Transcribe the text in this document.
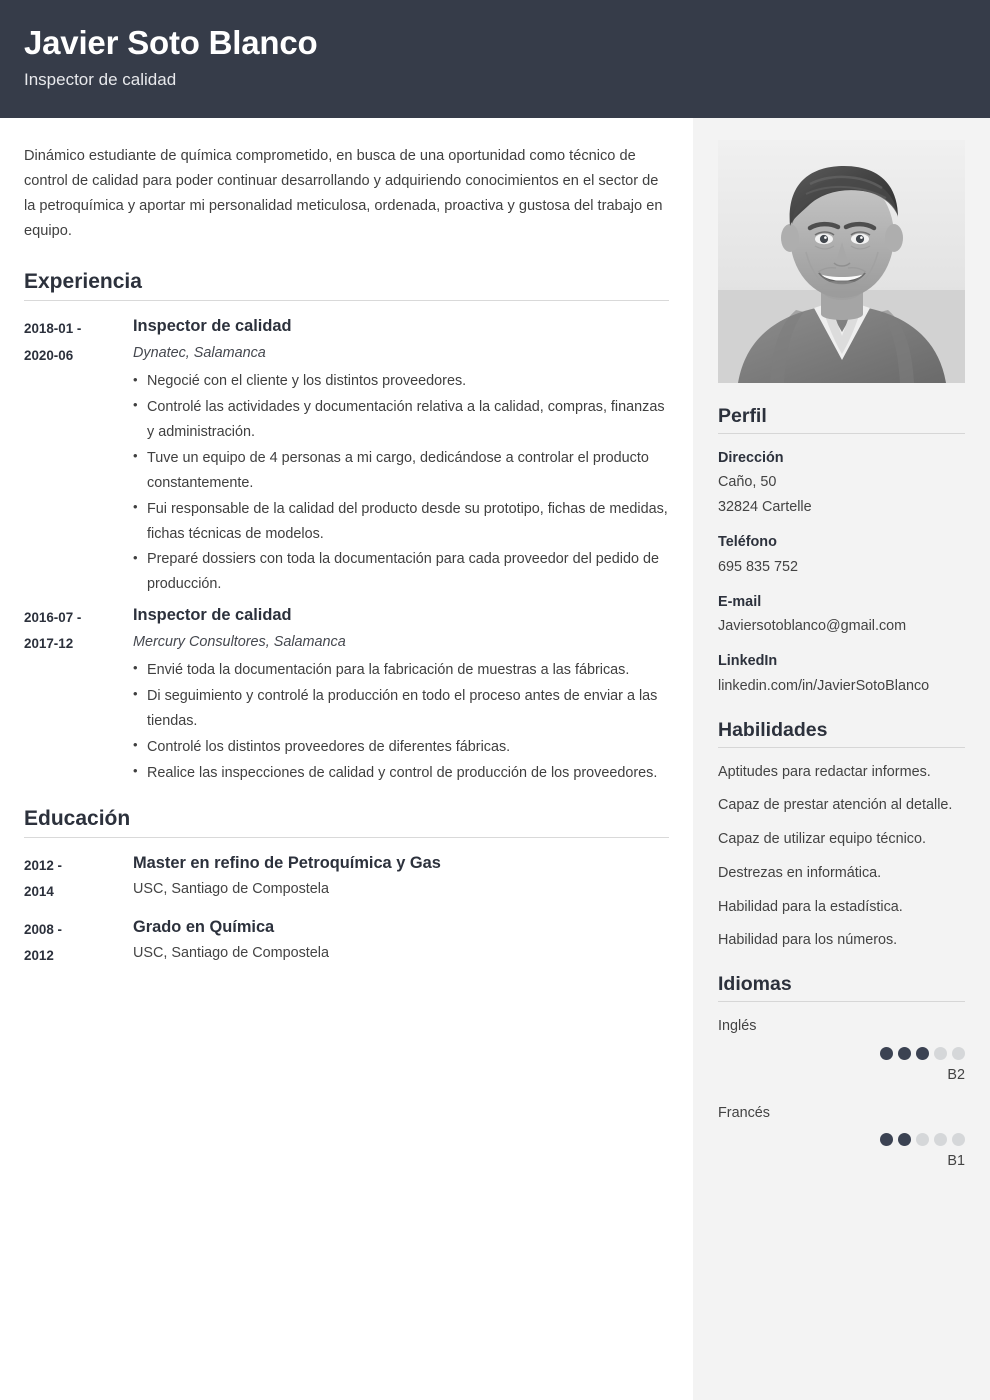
Javier Soto Blanco
Inspector de calidad
Dinámico estudiante de química comprometido, en busca de una oportunidad como técnico de control de calidad para poder continuar desarrollando y adquiriendo conocimientos en el sector de la petroquímica y aportar mi personalidad meticulosa, ordenada, proactiva y gustosa del trabajo en equipo.
Experiencia
2018-01 -
2020-06
Inspector de calidad
Dynatec, Salamanca
• Negocié con el cliente y los distintos proveedores.
• Controlé las actividades y documentación relativa a la calidad, compras, finanzas y administración.
• Tuve un equipo de 4 personas a mi cargo, dedicándose a controlar el producto constantemente.
• Fui responsable de la calidad del producto desde su prototipo, fichas de medidas, fichas técnicas de modelos.
• Preparé dossiers con toda la documentación para cada proveedor del pedido de producción.
2016-07 -
2017-12
Inspector de calidad
Mercury Consultores, Salamanca
• Envié toda la documentación para la fabricación de muestras a las fábricas.
• Di seguimiento y controlé la producción en todo el proceso antes de enviar a las tiendas.
• Controlé los distintos proveedores de diferentes fábricas.
• Realice las inspecciones de calidad y control de producción de los proveedores.
Educación
2012 -
2014
Master en refino de Petroquímica y Gas
USC, Santiago de Compostela
2008 -
2012
Grado en Química
USC, Santiago de Compostela
Perfil
Dirección
Caño, 50
32824 Cartelle
Teléfono
695 835 752
E-mail
Javiersotoblanco@gmail.com
LinkedIn
linkedin.com/in/JavierSotoBlanco
Habilidades
Aptitudes para redactar informes.
Capaz de prestar atención al detalle.
Capaz de utilizar equipo técnico.
Destrezas en informática.
Habilidad para la estadística.
Habilidad para los números.
Idiomas
Inglés
B2
Francés
B1
